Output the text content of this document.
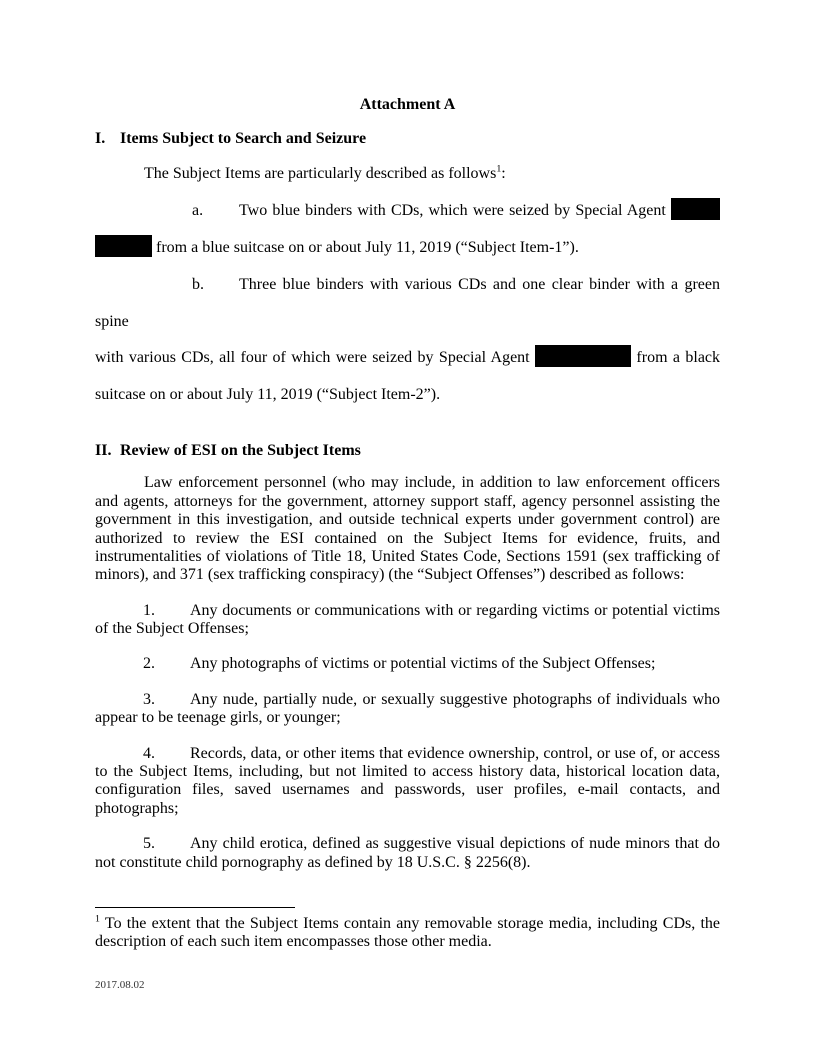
Attachment A
I. Items Subject to Search and Seizure

The Subject Items are particularly described as follows$^1$:

a. Two blue binders with CDs, which were seized by Special Agent
from a blue suitcase on or about July 11, 2019 (“Subject Item-1”).
b. Three blue binders with various CDs and one clear binder with a green spine
with various CDs, all four of which were seized by Special Agent	from a black
suitcase on or about July 11, 2019 (“Subject Item-2”).
II. Review of ESI on the Subject Items

Law enforcement personnel (who may include, in addition to law enforcement officers and agents, attorneys for the government, attorney support staff, agency personnel assisting the government in this investigation, and outside technical experts under government control) are authorized to review the ESI contained on the Subject Items for evidence, fruits, and instrumentalities of violations of Title 18, United States Code, Sections 1591 (sex trafficking of minors), and 371 (sex trafficking conspiracy) (the “Subject Offenses”) described as follows:

1. Any documents or communications with or regarding victims or potential victims of the Subject Offenses;

2. Any photographs of victims or potential victims of the Subject Offenses;

3. Any nude, partially nude, or sexually suggestive photographs of individuals who appear to be teenage girls, or younger;

4. Records, data, or other items that evidence ownership, control, or use of, or access to the Subject Items, including, but not limited to access history data, historical location data, configuration files, saved usernames and passwords, user profiles, e-mail contacts, and photographs;

5. Any child erotica, defined as suggestive visual depictions of nude minors that do not constitute child pornography as defined by 18 U.S.C. § 2256(8).

$^1$ To the extent that the Subject Items contain any removable storage media, including CDs, the description of each such item encompasses those other media.

2017.08.02
